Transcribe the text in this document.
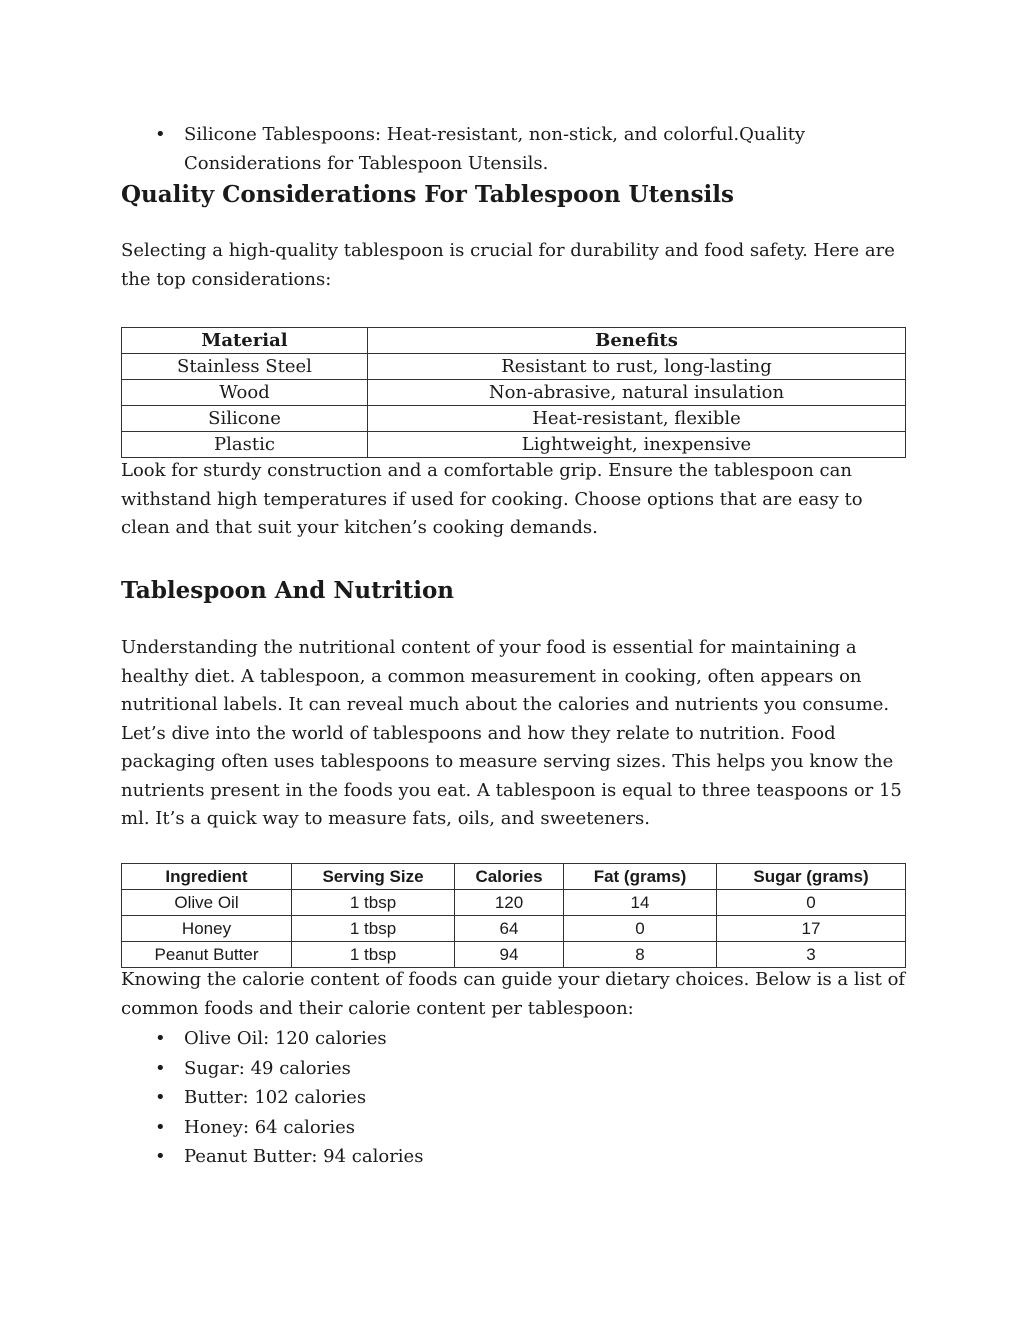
• Silicone Tablespoons: Heat-resistant, non-stick, and colorful.Quality Considerations for Tablespoon Utensils.
Quality Considerations For Tablespoon Utensils

Selecting a high-quality tablespoon is crucial for durability and food safety. Here are the top considerations:

Material	Benefits
Stainless Steel	Resistant to rust, long-lasting
Wood	Non-abrasive, natural insulation
Silicone	Heat-resistant, flexible
Plastic	Lightweight, inexpensive

Look for sturdy construction and a comfortable grip. Ensure the tablespoon can withstand high temperatures if used for cooking. Choose options that are easy to clean and that suit your kitchen’s cooking demands.

Tablespoon And Nutrition

Understanding the nutritional content of your food is essential for maintaining a healthy diet. A tablespoon, a common measurement in cooking, often appears on nutritional labels. It can reveal much about the calories and nutrients you consume. Let’s dive into the world of tablespoons and how they relate to nutrition. Food packaging often uses tablespoons to measure serving sizes. This helps you know the nutrients present in the foods you eat. A tablespoon is equal to three teaspoons or 15 ml. It’s a quick way to measure fats, oils, and sweeteners.

Ingredient	Serving Size	Calories	Fat (grams)	Sugar (grams)
Olive Oil	1 tbsp	120	14	0
Honey	1 tbsp	64	0	17
Peanut Butter	1 tbsp	94	8	3

Knowing the calorie content of foods can guide your dietary choices. Below is a list of common foods and their calorie content per tablespoon:

• Olive Oil: 120 calories
• Sugar: 49 calories
• Butter: 102 calories
• Honey: 64 calories
• Peanut Butter: 94 calories
